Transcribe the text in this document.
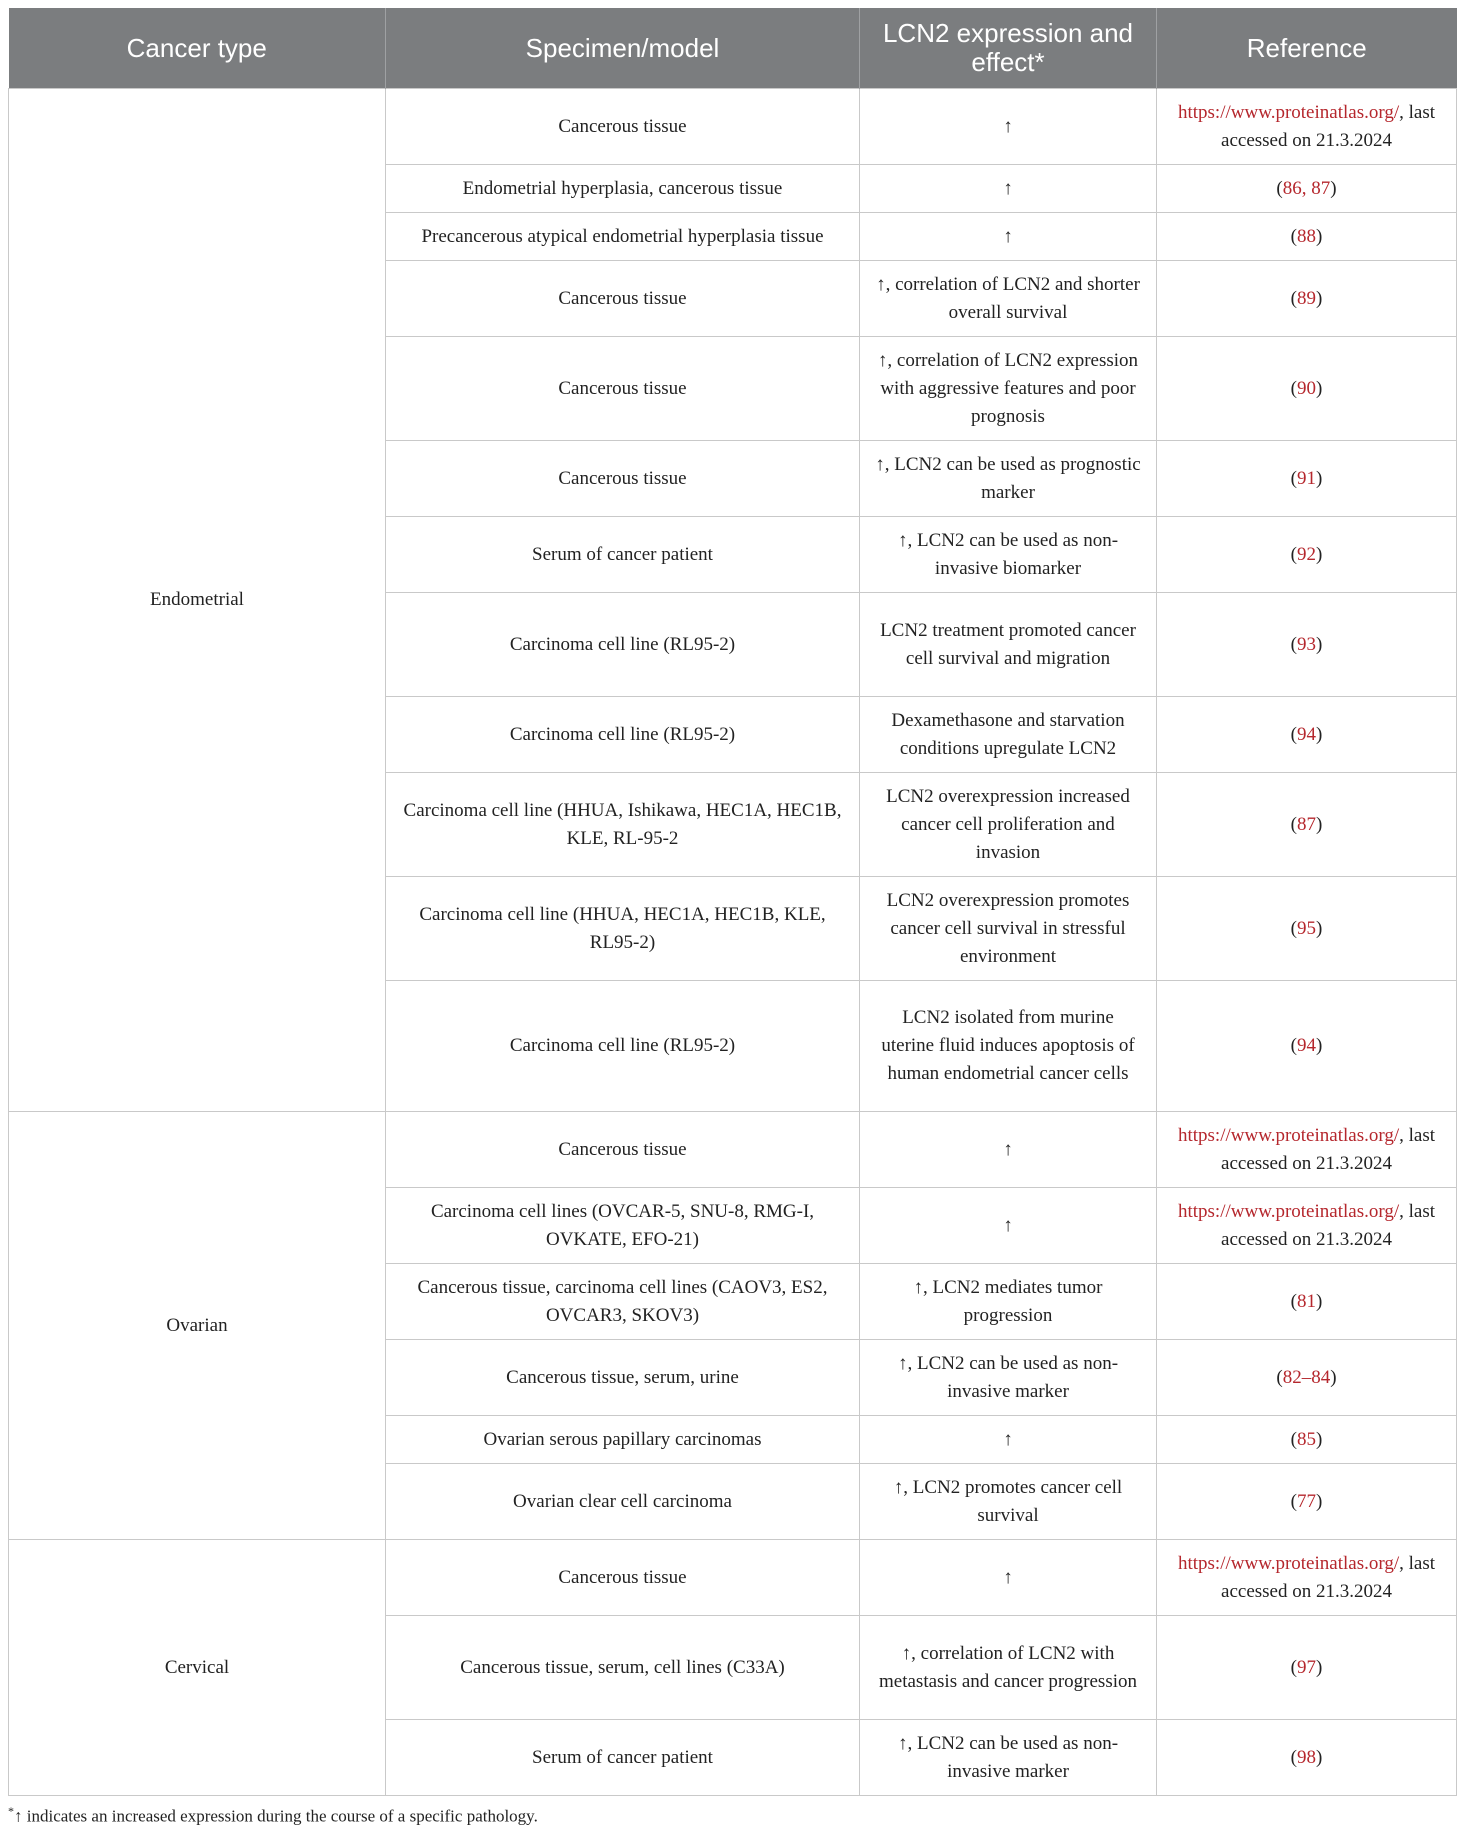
Cancer type	Specimen/model	LCN2 expression and effect*	Reference
Endometrial	Cancerous tissue	↑	https://www.proteinatlas.org/, last accessed on 21.3.2024
	Endometrial hyperplasia, cancerous tissue	↑	(86, 87)
	Precancerous atypical endometrial hyperplasia tissue	↑	(88)
	Cancerous tissue	↑, correlation of LCN2 and shorter overall survival	(89)
	Cancerous tissue	↑, correlation of LCN2 expression with aggressive features and poor prognosis	(90)
	Cancerous tissue	↑, LCN2 can be used as prognostic marker	(91)
	Serum of cancer patient	↑, LCN2 can be used as non-invasive biomarker	(92)
	Carcinoma cell line (RL95-2)	LCN2 treatment promoted cancer cell survival and migration	(93)
	Carcinoma cell line (RL95-2)	Dexamethasone and starvation conditions upregulate LCN2	(94)
	Carcinoma cell line (HHUA, Ishikawa, HEC1A, HEC1B, KLE, RL-95-2	LCN2 overexpression increased cancer cell proliferation and invasion	(87)
	Carcinoma cell line (HHUA, HEC1A, HEC1B, KLE, RL95-2)	LCN2 overexpression promotes cancer cell survival in stressful environment	(95)
	Carcinoma cell line (RL95-2)	LCN2 isolated from murine uterine fluid induces apoptosis of human endometrial cancer cells	(94)
Ovarian	Cancerous tissue	↑	https://www.proteinatlas.org/, last accessed on 21.3.2024
	Carcinoma cell lines (OVCAR-5, SNU-8, RMG-I, OVKATE, EFO-21)	↑	https://www.proteinatlas.org/, last accessed on 21.3.2024
	Cancerous tissue, carcinoma cell lines (CAOV3, ES2, OVCAR3, SKOV3)	↑, LCN2 mediates tumor progression	(81)
	Cancerous tissue, serum, urine	↑, LCN2 can be used as non-invasive marker	(82–84)
	Ovarian serous papillary carcinomas	↑	(85)
	Ovarian clear cell carcinoma	↑, LCN2 promotes cancer cell survival	(77)
Cervical	Cancerous tissue	↑	https://www.proteinatlas.org/, last accessed on 21.3.2024
	Cancerous tissue, serum, cell lines (C33A)	↑, correlation of LCN2 with metastasis and cancer progression	(97)
	Serum of cancer patient	↑, LCN2 can be used as non-invasive marker	(98)
*↑ indicates an increased expression during the course of a specific pathology.
